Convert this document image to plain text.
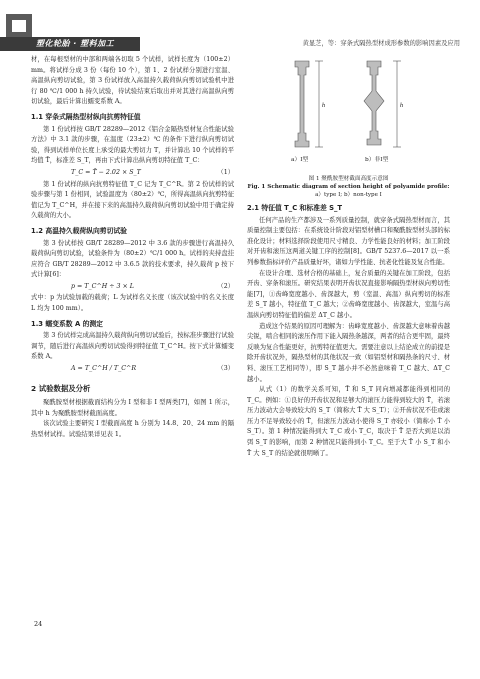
塑化轮胎 · 塑料加工	黄显芝，等：穿条式隔热型材成形参数的影响因素及应用

材，在每根型材的中部和两端各切取 5 个试样，试样长度为（100±2）mm。将试样分成 3 份（每份 10 个），第 1、2 份试样分别进行室温、高温纵向剪切试验，第 3 份试样放入高温持久载荷纵向剪切试验机中进行 80 ℃/1 000 h 持久试验，待试验结束后取出并对其进行高温纵向剪切试验，最后计算出蠕变系数 A。

1.1 穿条式隔热型材纵向抗剪特征值

第 1 份试样按 GB/T 28289—2012《铝合金隔热型材复合性能试验方法》中 3.1 款的步骤，在温度（23±2）℃ 的条件下进行纵向剪切试验，得到试样单位长度上承受的最大剪切力 T，并计算出 10 个试样的平均值 T̄，标准差 S_T，再由下式计算出纵向剪切特征值 T_C：

T_C = T̄ − 2.02 × S_T	（1）

第 1 份试样的纵向抗剪特征值 T_C 记为 T_C^R。第 2 份试样的试验步骤与第 1 份相同，试验温度为（80±2）℃，所得高温纵向抗剪特征值记为 T_C^H，并在接下来的高温持久载荷纵向剪切试验中用于确定持久载荷的大小。

1.2 高温持久载荷纵向剪切试验

第 3 份试样按 GB/T 28289—2012 中 3.6 款的步骤进行高温持久载荷纵向剪切试验，试验条件为（80±2）℃/1 000 h。试样的夹持盘挂应符合 GB/T 28289—2012 中 3.6.5 款的技术要求，持久载荷 p 按下式计算[6]：

p = T_C^H ÷ 3 × L	（2）

式中：p 为试验加载的载荷；L 为试样名义长度（该次试验中的名义长度 L 均为 100 mm）。

1.3 蠕变系数 A 的测定

第 3 份试样完成高温持久载荷纵向剪切试验后，按标准步骤进行试验调节，随后进行高温纵向剪切试验得到特征值 T_C^H。按下式计算蠕变系数 A。

A = T_C^H / T_C^R	（3）
2 试验数据及分析

聚酰胺型材根据截面结构分为 I 型和非 I 型两类[7]，如图 1 所示，其中 h 为聚酰胺型材截面高度。

该次试验主要研究 I 型截面高度 h 分别为 14.8、20、24 mm 的隔热型材试样。试验结果详见表 1。

h	h
a）I型	b）非I型
图 1 聚酰胺型材截面高度示意图
Fig. 1 Schematic diagram of section height of polyamide profile:
a）type I; b）non-type I
2.1 特征值 T_C 和标准差 S_T

任何产品的生产都涉及一系列质量控制，就穿条式隔热型材而言，其质量控制主要包括：在系统设计阶段对铝型材槽口和聚酰胺型材头部的标准化设计；材料选择阶段使用尺寸精良、力学性能良好的材料；加工阶段对开齿和滚压这两道关键工序的控制[8]。GB/T 5237.6—2017 以一系列参数指标评价产品质量好坏，诸如力学性能、抗老化性能及复合性能。

在设计合理、选材合格的基础上，复合质量的关键在加工阶段，包括开齿、穿条和滚压。研究结果表明开齿状况直接影响隔热型材纵向剪切性能[7]，①齿峰宽度越小、齿深越大，剪（室温、高温）纵向剪切的标准差 S_T 越小，特征值 T_C 越大；②齿峰宽度越小、齿深越大，室温与高温纵向剪切特征值的偏差 ΔT_C 越小。

造成这个结果的原因可理解为：齿峰宽度越小、齿深越大意味着齿越尖锐，啮合相同的滚压作用下能入隔热条越深，两者的结合更牢固，最终反映为复合性能更好，抗剪特征值更大。需要注意以上结论成立的前提是除开齿状况外，隔热型材的其他状况一致（如铝型材和隔热条的尺寸、材料、滚压工艺相同等），即 S_T 越小并不必然意味着 T_C 越大、ΔT_C 越小。

从式（1）的数学关系可知，T̄ 和 S_T 同向增减都能得到相同的 T_C。例如：①良好的开齿状况和足够大的滚压力能得到较大的 T̄，若滚压力波动大会导致较大的 S_T（简称大 T̄ 大 S_T）；②开齿状况不佳或滚压力不足导致较小的 T̄，但滚压力波动小使得 S_T 亦较小（简称小 T̄ 小 S_T）。第 1 种情况能得到大 T_C 或小 T_C，取决于 T̄ 是否大到足以消弭 S_T 的影响，而第 2 种情况只能得到小 T_C。至于大 T̄ 小 S_T 和小 T̄ 大 S_T 的结论就很明晰了。

24
